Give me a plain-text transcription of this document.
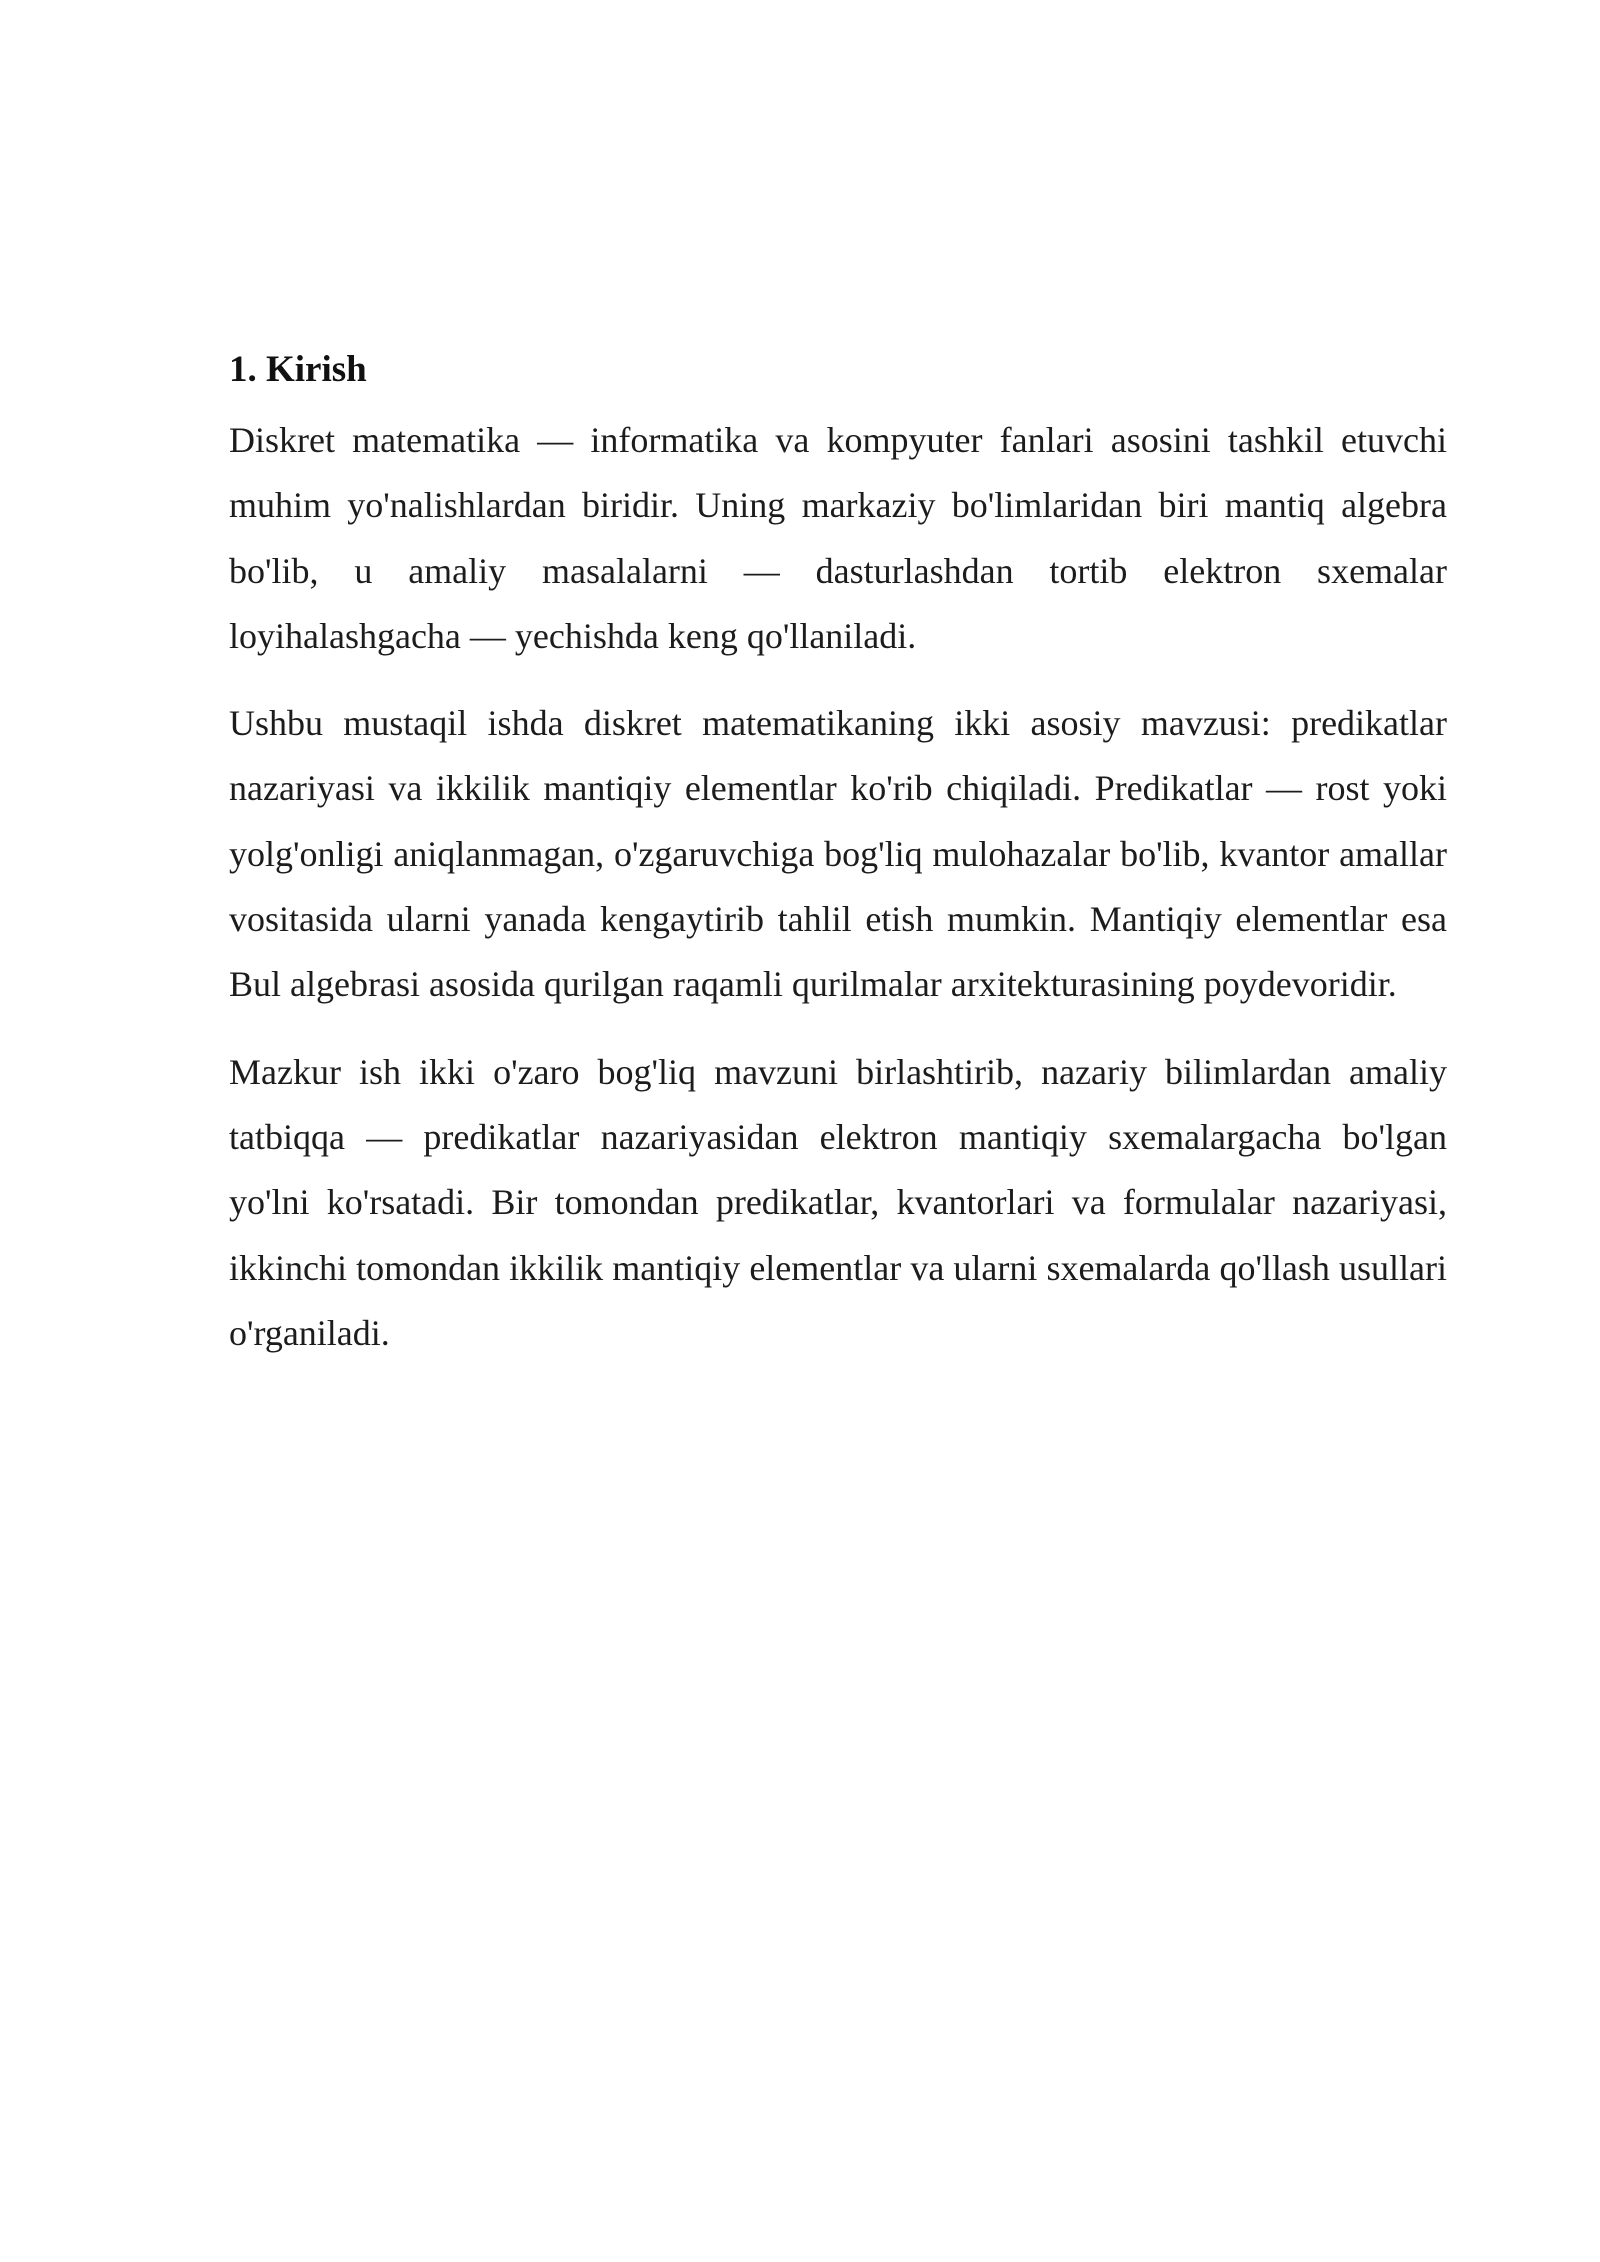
1. Kirish

Diskret matematika — informatika va kompyuter fanlari asosini tashkil etuvchi muhim yo'nalishlardan biridir. Uning markaziy bo'limlaridan biri mantiq algebra bo'lib, u amaliy masalalarni — dasturlashdan tortib elektron sxemalar loyihalashgacha — yechishda keng qo'llaniladi.

Ushbu mustaqil ishda diskret matematikaning ikki asosiy mavzusi: predikatlar nazariyasi va ikkilik mantiqiy elementlar ko'rib chiqiladi. Predikatlar — rost yoki yolg'onligi aniqlanmagan, o'zgaruvchiga bog'liq mulohazalar bo'lib, kvantor amallar vositasida ularni yanada kengaytirib tahlil etish mumkin. Mantiqiy elementlar esa Bul algebrasi asosida qurilgan raqamli qurilmalar arxitekturasining poydevoridir.

Mazkur ish ikki o'zaro bog'liq mavzuni birlashtirib, nazariy bilimlardan amaliy tatbiqqa — predikatlar nazariyasidan elektron mantiqiy sxemalargacha bo'lgan yo'lni ko'rsatadi. Bir tomondan predikatlar, kvantorlari va formulalar nazariyasi, ikkinchi tomondan ikkilik mantiqiy elementlar va ularni sxemalarda qo'llash usullari o'rganiladi.
